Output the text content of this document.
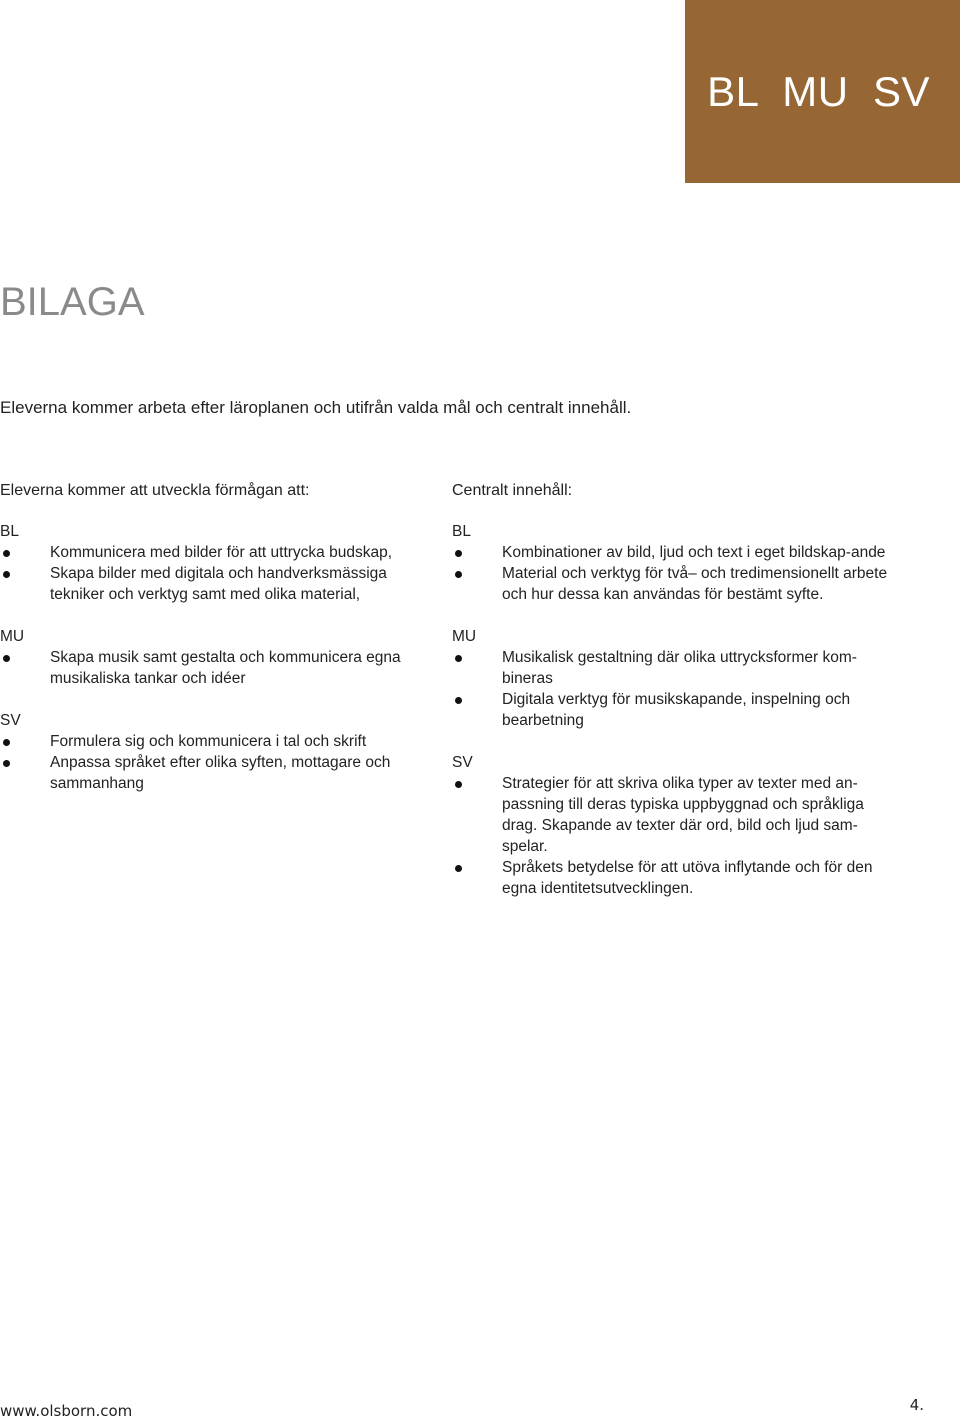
BL  MU  SV
BILAGA

Eleverna kommer arbeta efter läroplanen och utifrån valda mål och centralt innehåll.

Eleverna kommer att utveckla förmågan att:

BL

Kommunicera med bilder för att uttrycka budskap,
Skapa bilder med digitala och handverksmässiga tekniker och verktyg samt med olika material,

MU

Skapa musik samt gestalta och kommunicera egna musikaliska tankar och idéer

SV

Formulera sig och kommunicera i tal och skrift
Anpassa språket efter olika syften, mottagare och sammanhang
Centralt innehåll:

BL

Kombinationer av bild, ljud och text i eget bildskap-ande
Material och verktyg för två– och tredimensionellt arbete och hur dessa kan användas för bestämt syfte.

MU

Musikalisk gestaltning där olika uttrycksformer kom-bineras
Digitala verktyg för musikskapande, inspelning och bearbetning

SV

Strategier för att skriva olika typer av texter med an-passning till deras typiska uppbyggnad och språkliga drag. Skapande av texter där ord, bild och ljud sam-spelar.
Språkets betydelse för att utöva inflytande och för den egna identitetsutvecklingen.
www.olsborn.com	4.
